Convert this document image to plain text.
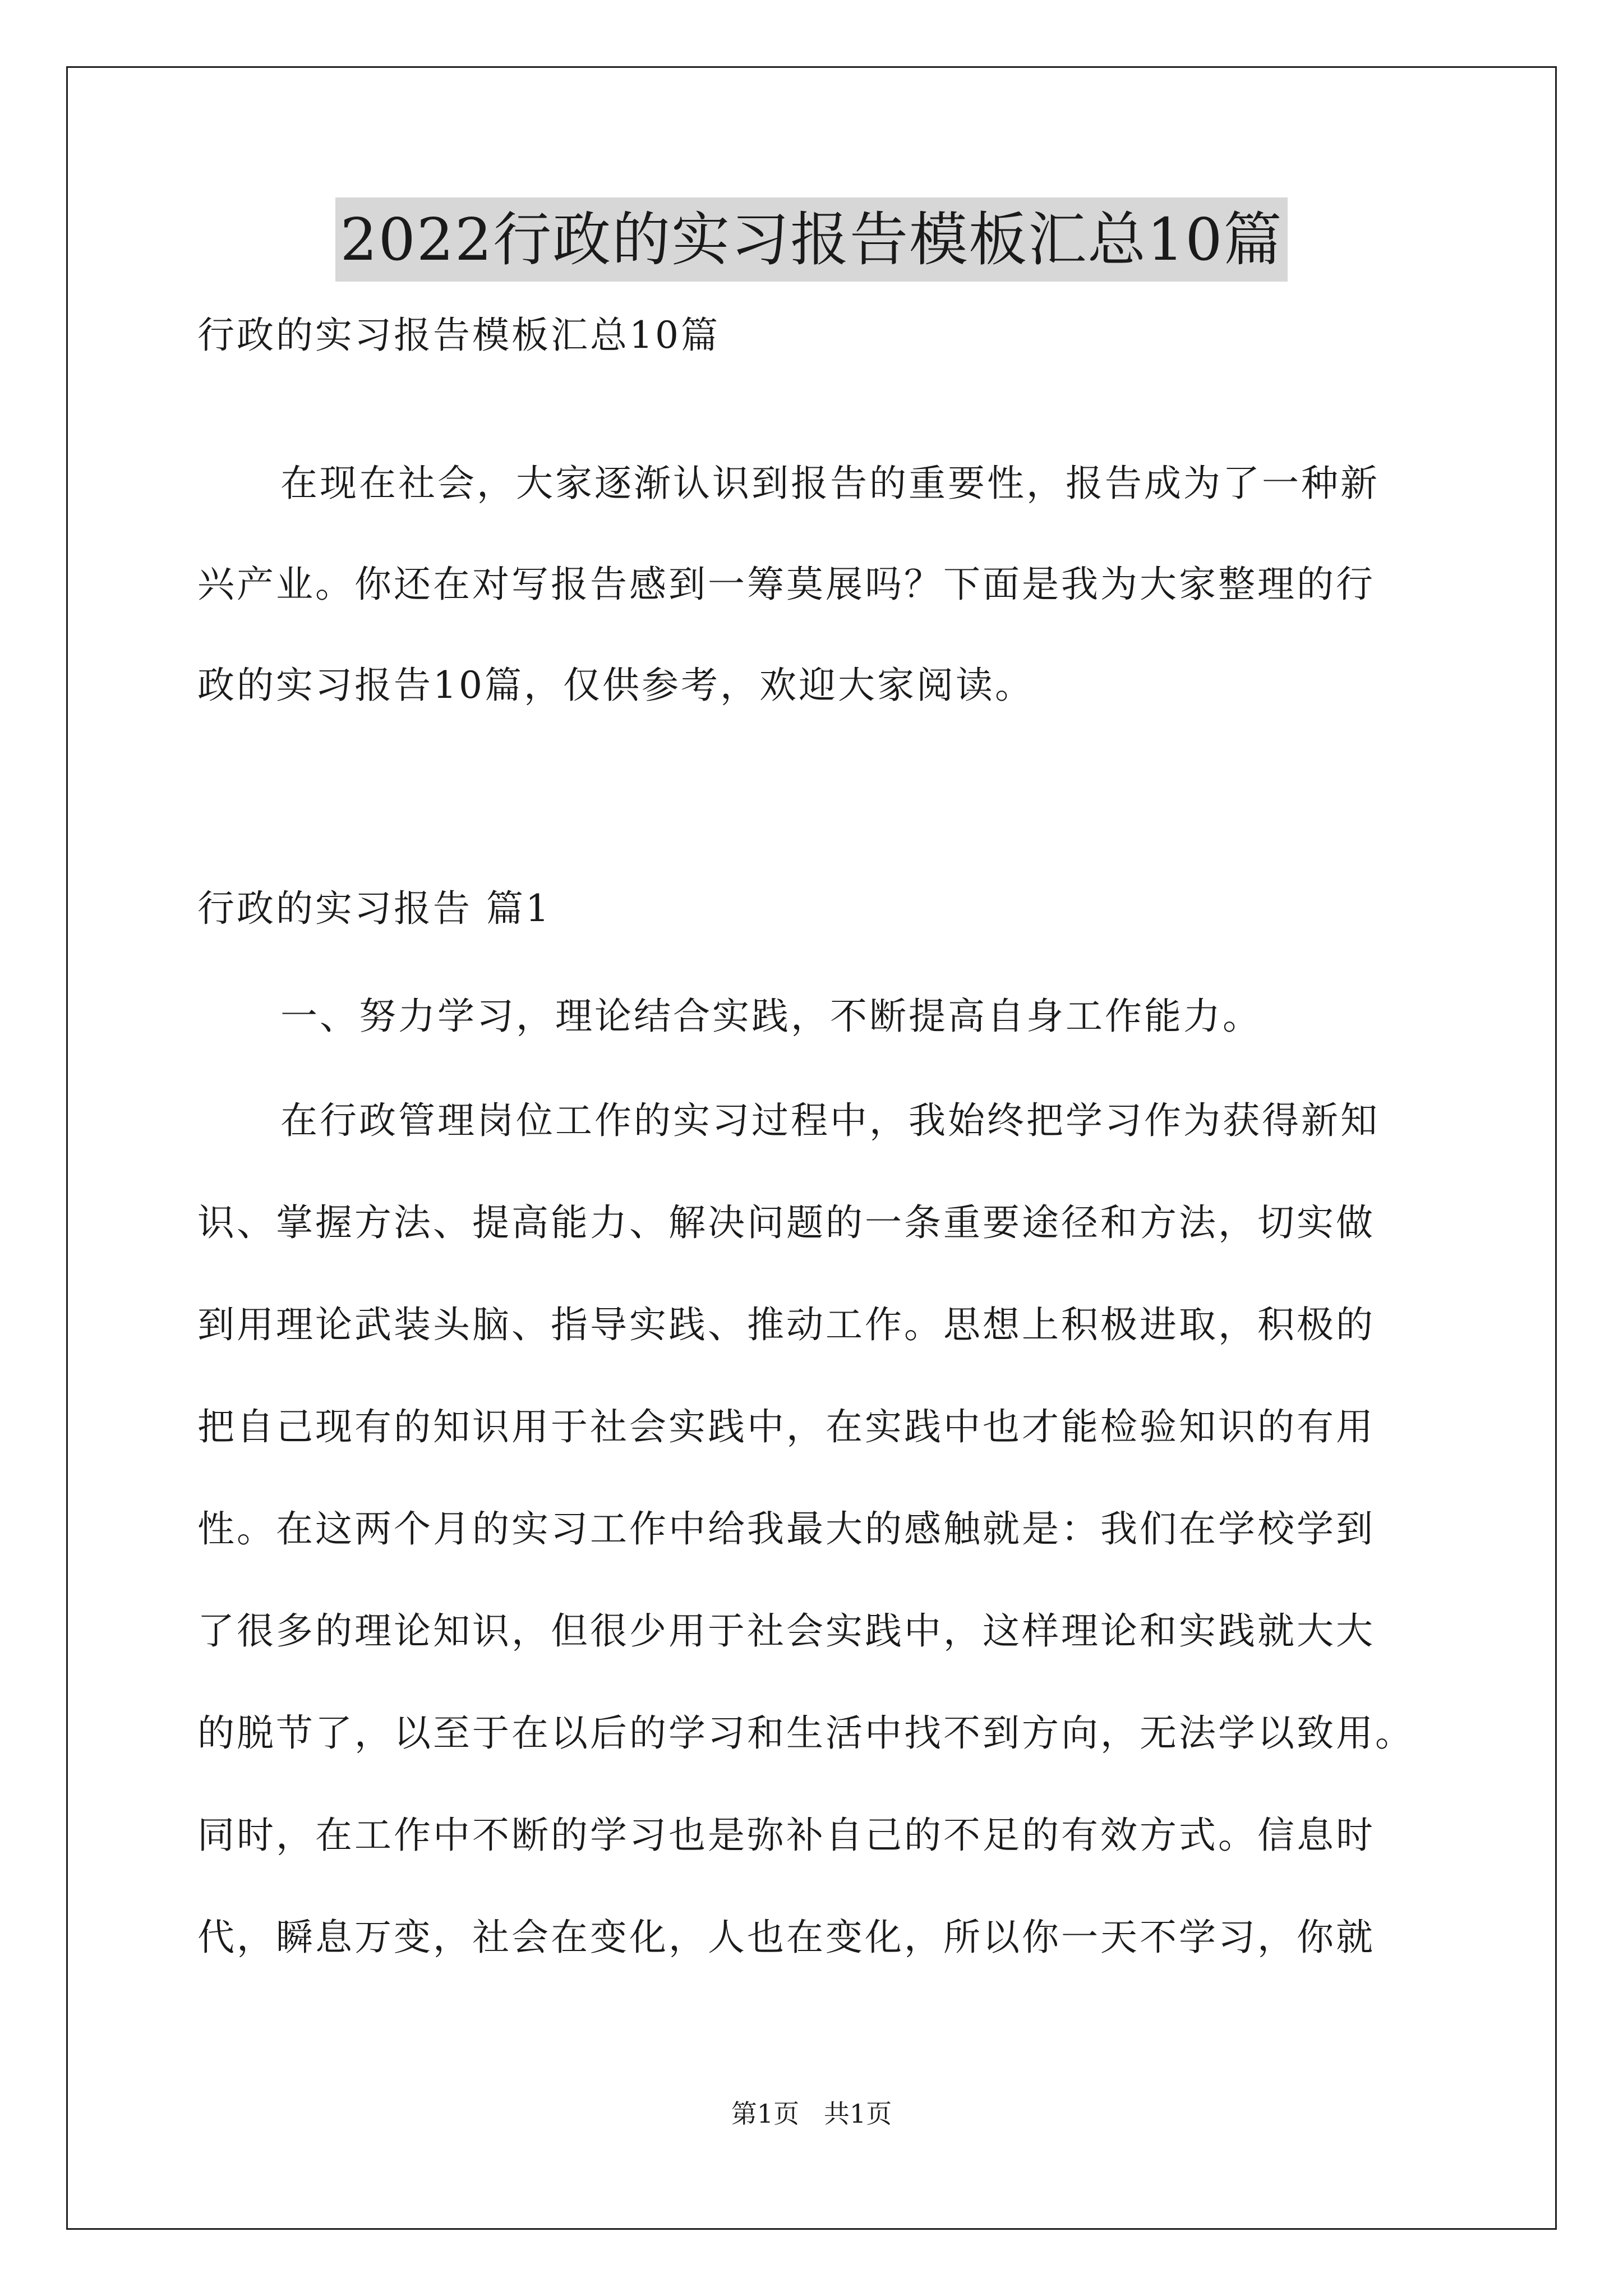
2022行政的实习报告模板汇总10篇
行政的实习报告模板汇总10篇
在现在社会，大家逐渐认识到报告的重要性，报告成为了一种新
兴产业。你还在对写报告感到一筹莫展吗？下面是我为大家整理的行
政的实习报告10篇，仅供参考，欢迎大家阅读。
行政的实习报告 篇1
一、努力学习，理论结合实践，不断提高自身工作能力。
在行政管理岗位工作的实习过程中，我始终把学习作为获得新知
识、掌握方法、提高能力、解决问题的一条重要途径和方法，切实做
到用理论武装头脑、指导实践、推动工作。思想上积极进取，积极的
把自己现有的知识用于社会实践中，在实践中也才能检验知识的有用
性。在这两个月的实习工作中给我最大的感触就是：我们在学校学到
了很多的理论知识，但很少用于社会实践中，这样理论和实践就大大
的脱节了，以至于在以后的学习和生活中找不到方向，无法学以致用。
同时，在工作中不断的学习也是弥补自己的不足的有效方式。信息时
代，瞬息万变，社会在变化，人也在变化，所以你一天不学习，你就
第1页   共1页
